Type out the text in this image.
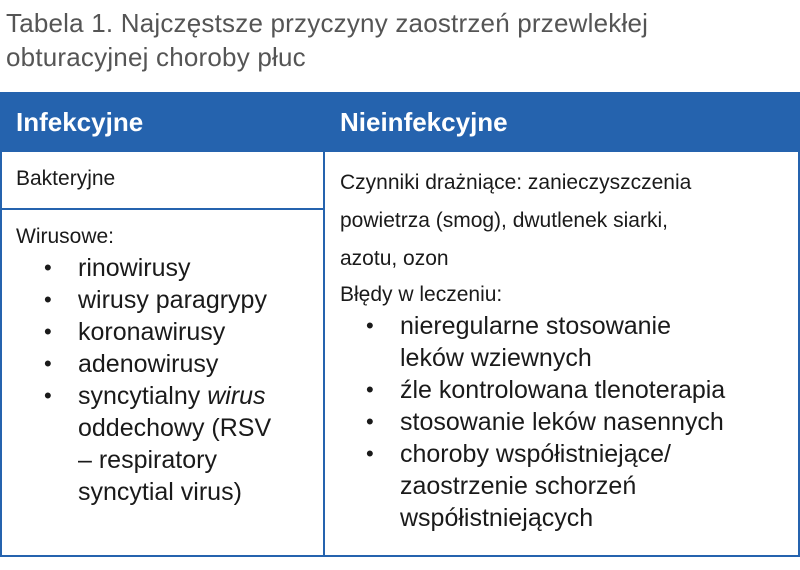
Tabela 1. Najczęstsze przyczyny zaostrzeń przewlekłej
obturacyjnej choroby płuc
Infekcyjne	Nieinfekcyjne
Bakteryjne
Wirusowe:
• rinowirusy
• wirusy paragrypy
• koronawirusy
• adenowirusy
• syncytialny wirus
oddechowy (RSV
– respiratory
syncytial virus)
Czynniki drażniące: zanieczyszczenia
powietrza (smog), dwutlenek siarki,
azotu, ozon
Błędy w leczeniu:
• nieregularne stosowanie
leków wziewnych
• źle kontrolowana tlenoterapia
• stosowanie leków nasennych
• choroby współistniejące/
zaostrzenie schorzeń
współistniejących
